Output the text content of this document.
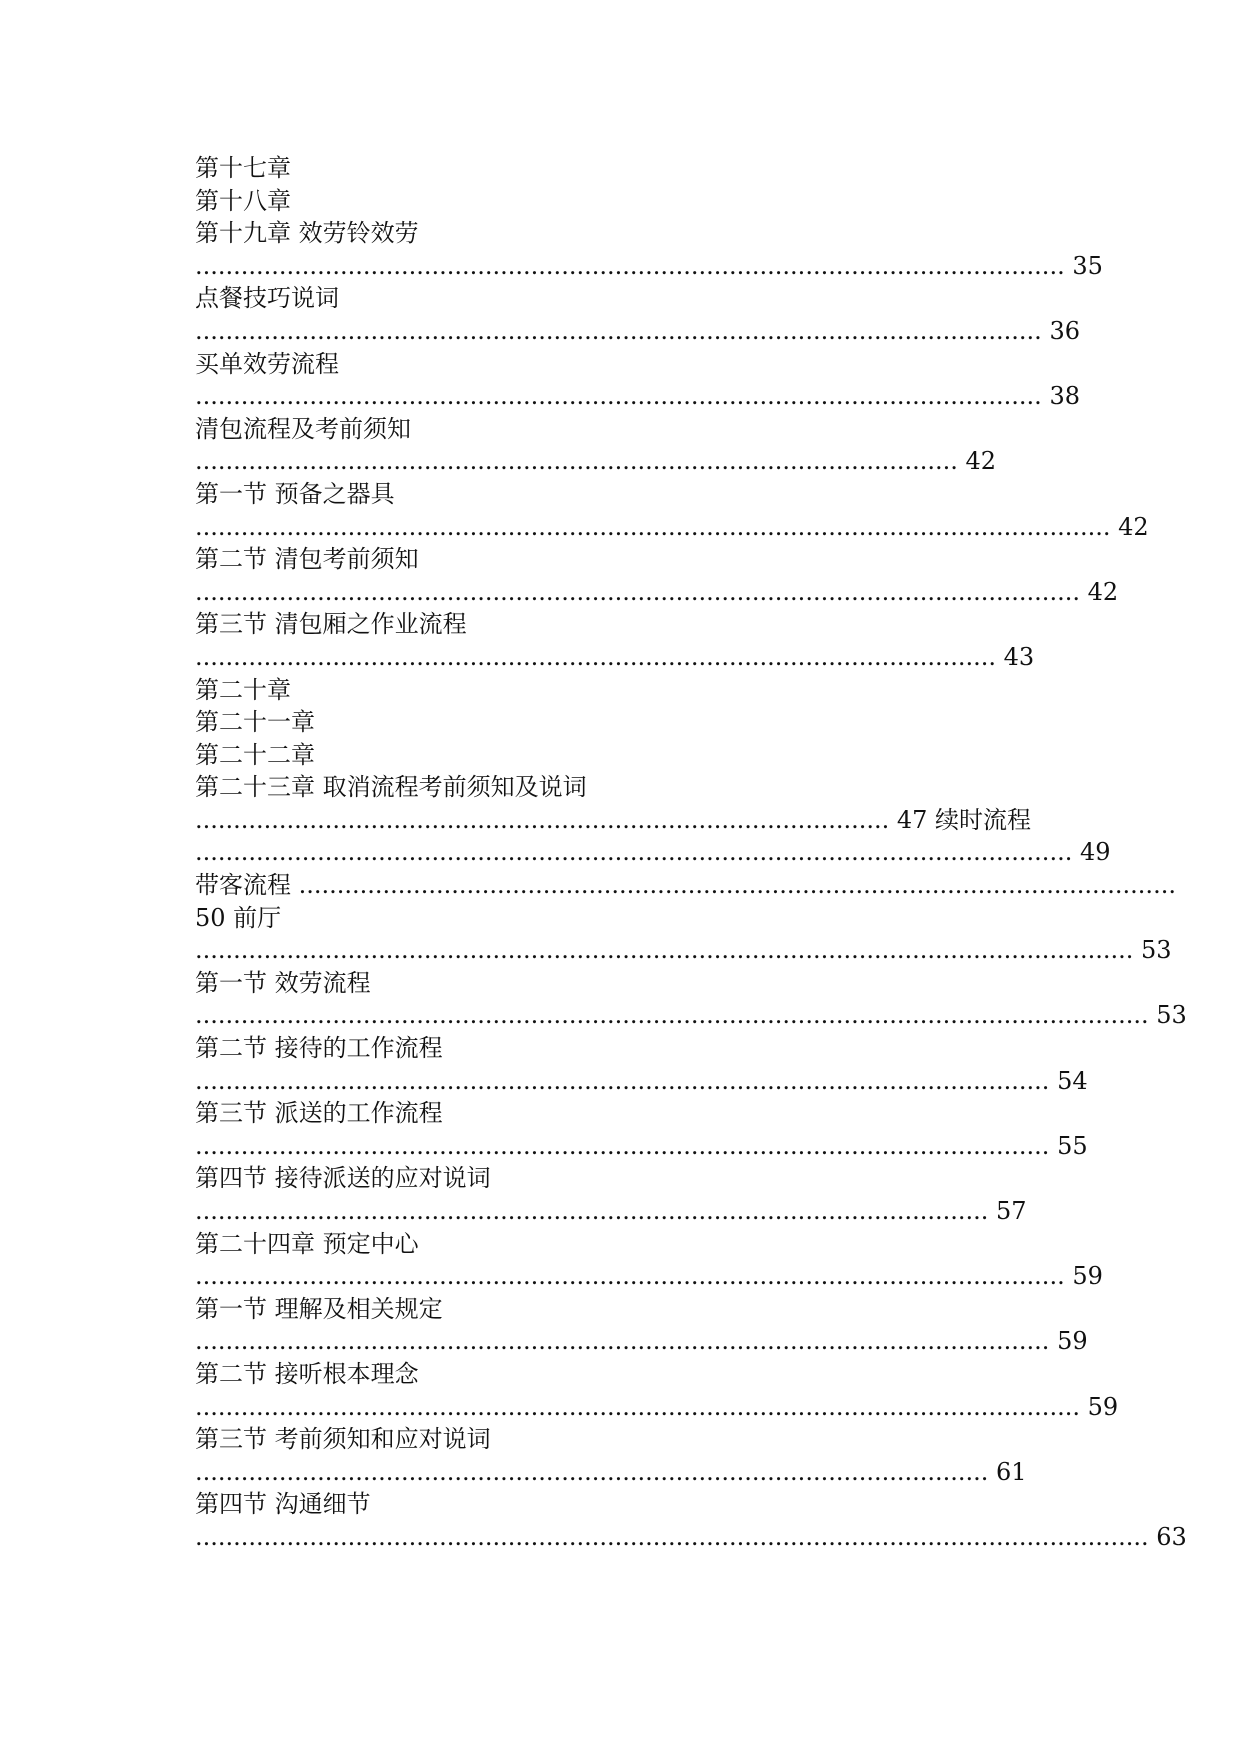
第十七章
第十八章
第十九章 效劳铃效劳
.................................................................................................................. 35
点餐技巧说词
............................................................................................................... 36
买单效劳流程
............................................................................................................... 38
清包流程及考前须知
.................................................................................................... 42
第一节 预备之器具
........................................................................................................................ 42
第二节 清包考前须知
.................................................................................................................... 42
第三节 清包厢之作业流程
......................................................................................................... 43
第二十章
第二十一章
第二十二章
第二十三章 取消流程考前须知及说词
........................................................................................... 47 续时流程
................................................................................................................... 49
带客流程 ...................................................................................................................
50 前厅
........................................................................................................................... 53
第一节 效劳流程
............................................................................................................................. 53
第二节 接待的工作流程
................................................................................................................ 54
第三节 派送的工作流程
................................................................................................................ 55
第四节 接待派送的应对说词
........................................................................................................ 57
第二十四章 预定中心
.................................................................................................................. 59
第一节 理解及相关规定
................................................................................................................ 59
第二节 接听根本理念
.................................................................................................................... 59
第三节 考前须知和应对说词
........................................................................................................ 61
第四节 沟通细节
............................................................................................................................. 63
